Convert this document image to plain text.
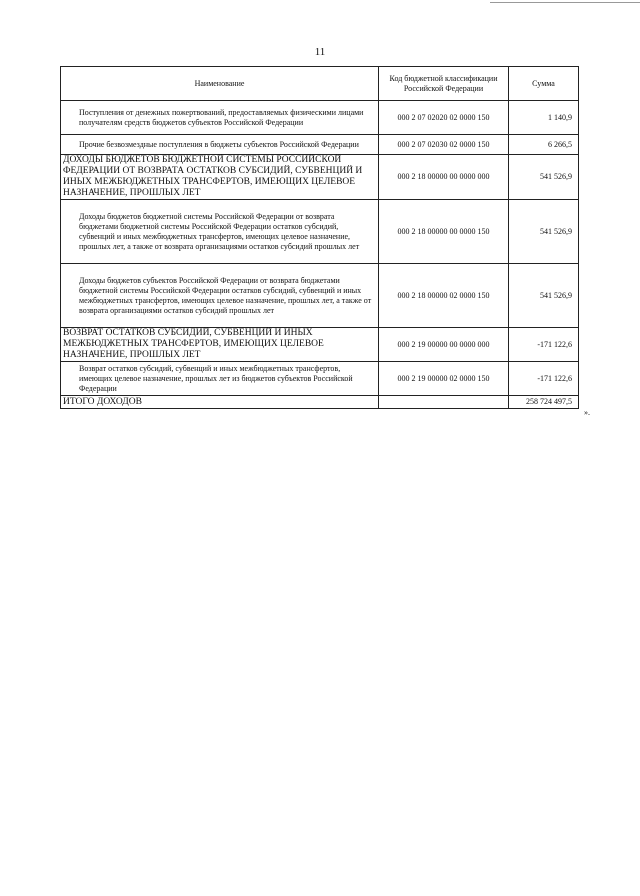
11
Наименование	Код бюджетной классификации Российской Федерации	Сумма
Поступления от денежных пожертвований, предоставляемых физическими лицами получателям средств бюджетов субъектов Российской Федерации	000 2 07 02020 02 0000 150	1 140,9
Прочие безвозмездные поступления в бюджеты субъектов Российской Федерации	000 2 07 02030 02 0000 150	6 266,5
ДОХОДЫ БЮДЖЕТОВ БЮДЖЕТНОЙ СИСТЕМЫ РОССИЙСКОЙ ФЕДЕРАЦИИ ОТ ВОЗВРАТА ОСТАТКОВ СУБСИДИЙ, СУБВЕНЦИЙ И ИНЫХ МЕЖБЮДЖЕТНЫХ ТРАНСФЕРТОВ, ИМЕЮЩИХ ЦЕЛЕВОЕ НАЗНАЧЕНИЕ, ПРОШЛЫХ ЛЕТ	000 2 18 00000 00 0000 000	541 526,9
Доходы бюджетов бюджетной системы Российской Федерации от возврата бюджетами бюджетной системы Российской Федерации остатков субсидий, субвенций и иных межбюджетных трансфертов, имеющих целевое назначение, прошлых лет, а также от возврата организациями остатков субсидий прошлых лет	000 2 18 00000 00 0000 150	541 526,9
Доходы бюджетов субъектов Российской Федерации от возврата бюджетами бюджетной системы Российской Федерации остатков субсидий, субвенций и иных межбюджетных трансфертов, имеющих целевое назначение, прошлых лет, а также от возврата организациями остатков субсидий прошлых лет	000 2 18 00000 02 0000 150	541 526,9
ВОЗВРАТ ОСТАТКОВ СУБСИДИЙ, СУБВЕНЦИЙ И ИНЫХ МЕЖБЮДЖЕТНЫХ ТРАНСФЕРТОВ, ИМЕЮЩИХ ЦЕЛЕВОЕ НАЗНАЧЕНИЕ, ПРОШЛЫХ ЛЕТ	000 2 19 00000 00 0000 000	-171 122,6
Возврат остатков субсидий, субвенций и иных межбюджетных трансфертов, имеющих целевое назначение, прошлых лет из бюджетов субъектов Российской Федерации	000 2 19 00000 02 0000 150	-171 122,6
ИТОГО ДОХОДОВ		258 724 497,5
».
